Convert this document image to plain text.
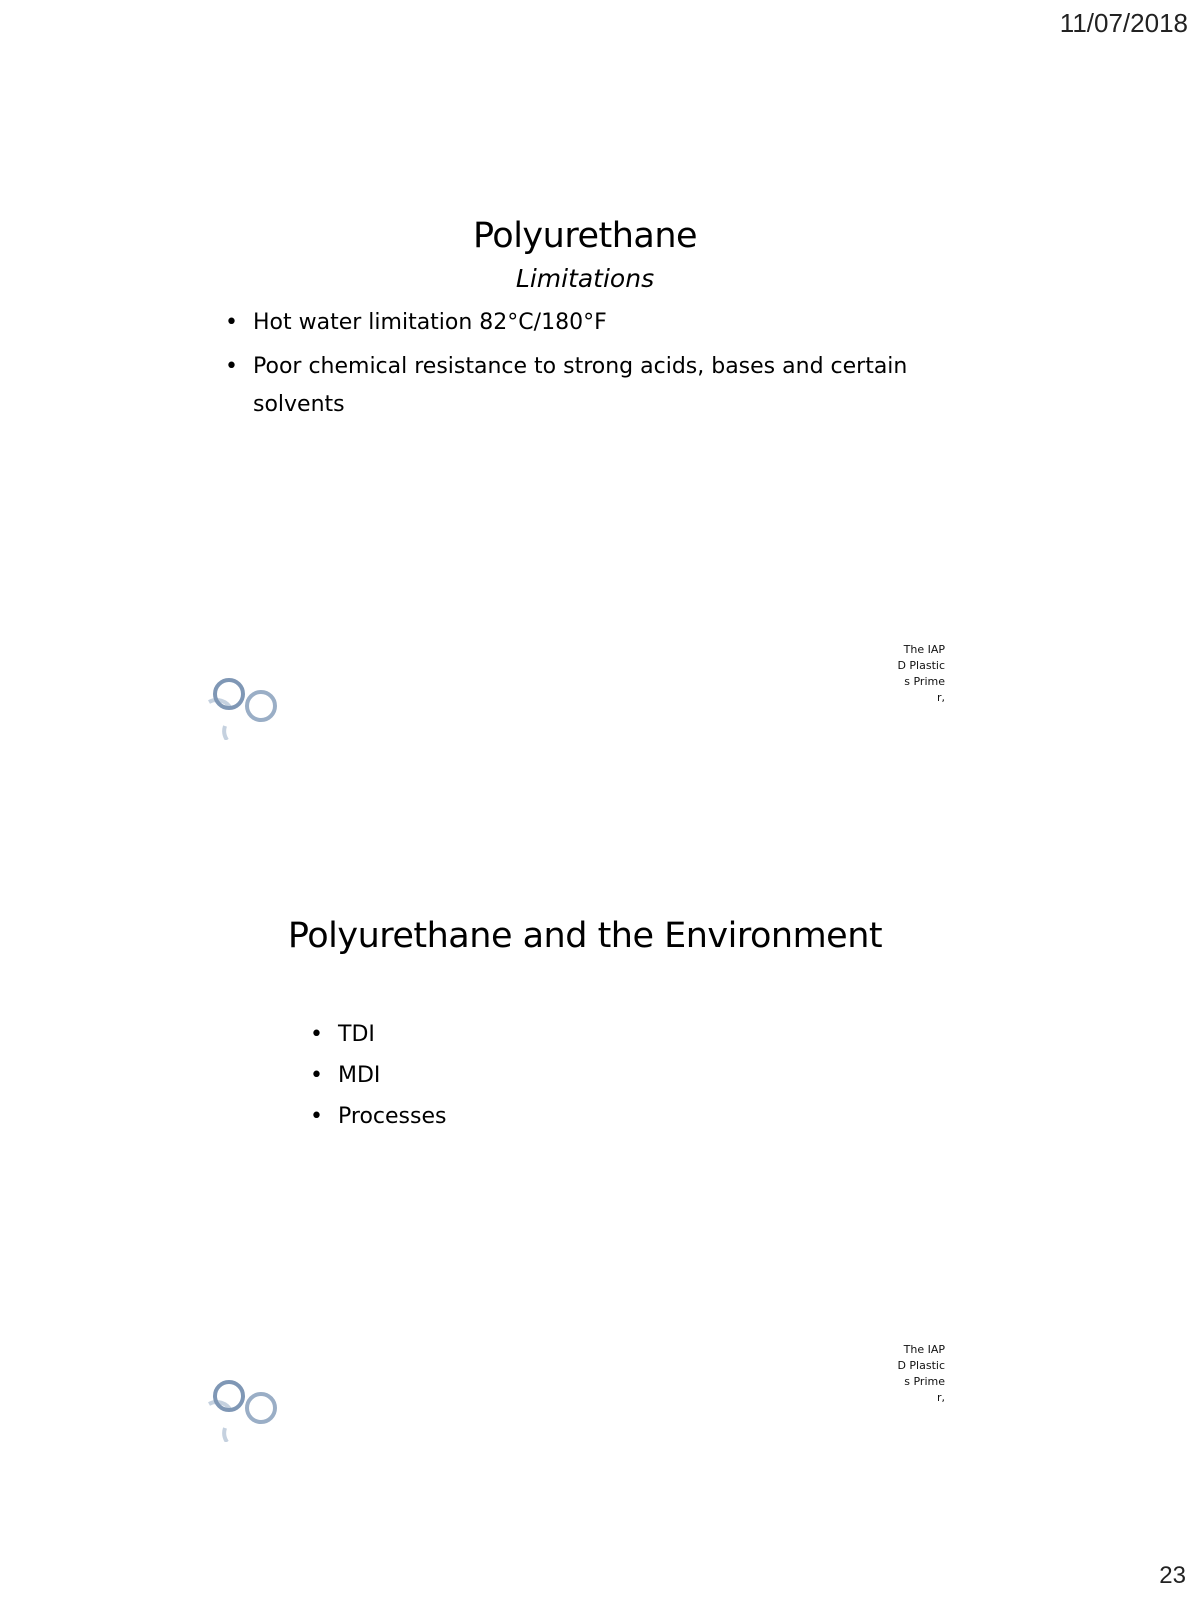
11/07/2018
Polyurethane
Limitations
• Hot water limitation 82°C/180°F
• Poor chemical resistance to strong acids, bases and certain solvents
The IAPD Plastics Primer,
Polyurethane and the Environment
• TDI
• MDI
• Processes
The IAPD Plastics Primer,
23
